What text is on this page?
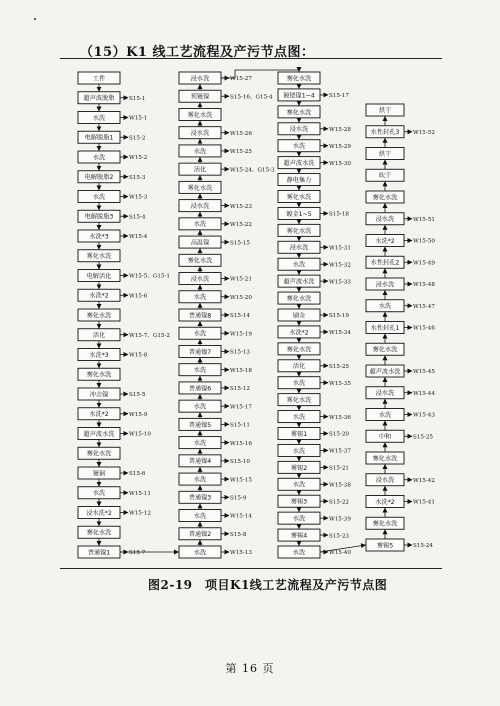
（15）K1 线工艺流程及产污节点图：
工件
超声波脱脂	S15-1
水洗	W15-1
电解脱脂1	S15-2
水洗	W15-2
电解脱脂2	S15-3
水洗	W15-3
电解脱脂3	S15-4
水洗*3	W15-4
雾化水洗
电解活化	W15-5、G15-1
水洗*2	W15-6
雾化水洗
活化	W15-7、G15-2
水洗*3	W15-8
雾化水洗
冲击镍	S15-5
水洗*2	W15-9
超声波水洗	W15-10
雾化水洗
镀铜	S15-6
水洗	W15-11
浸水洗*2	W15-12
雾化水洗
普通镍1	S15-7
浸水洗	W15-27
预镀镍	S15-16、G15-4
雾化水洗
浸水洗	W15-26
水洗	W15-25
活化	W15-24、G15-3
雾化水洗
浸水洗	W15-23
水洗	W15-22
高温镍	S15-15
雾化水洗
浸水洗	W15-21
水洗	W15-20
普通镍8	S15-14
水洗	W15-19
普通镍7	S15-13
水洗	W15-18
普通镍6	S15-12
水洗	W15-17
普通镍5	S15-11
水洗	W15-16
普通镍4	S15-10
水洗	W15-15
普通镍3	S15-9
水洗	W15-14
普通镍2	S15-8
水洗	W15-13
雾化水洗
镀铑镍1~4	S15-17
雾化水洗
浸水洗	W15-28
水洗	W15-29
超声波水洗	W15-30
静电集力
雾化水洗
镀金1~5	S15-18
雾化水洗
浸水洗	W15-31
水洗	W15-32
超声波水洗	W15-33
雾化水洗
刷金	S15-19
水洗*2	W15-34
雾化水洗
活化	S15-25
水洗	W15-35
雾化水洗
水洗	W15-36
雾锡1	S15-20
水洗	W15-37
雾锡2	S15-21
水洗	W15-38
雾锡3	S15-22
水洗	W15-39
雾锡4	S15-23
水洗	W15-40
烘干
水性封孔3 W15-52
烘干
吹干
雾化水洗
浸水洗	W15-51
水洗*2	W15-50
水性封孔2 W15-49
浸水洗	W15-48
水洗	W15-47
水性封孔1 W15-46
雾化水洗
超声波水洗 W15-45
浸水洗	W15-44
水洗	W15-43
中和	S15-25
雾化水洗
浸水洗	W15-42
水洗*2	W15-41
雾化水洗
雾锡5	S15-24
图2-19　项目K1线工艺流程及产污节点图
第 16 页
